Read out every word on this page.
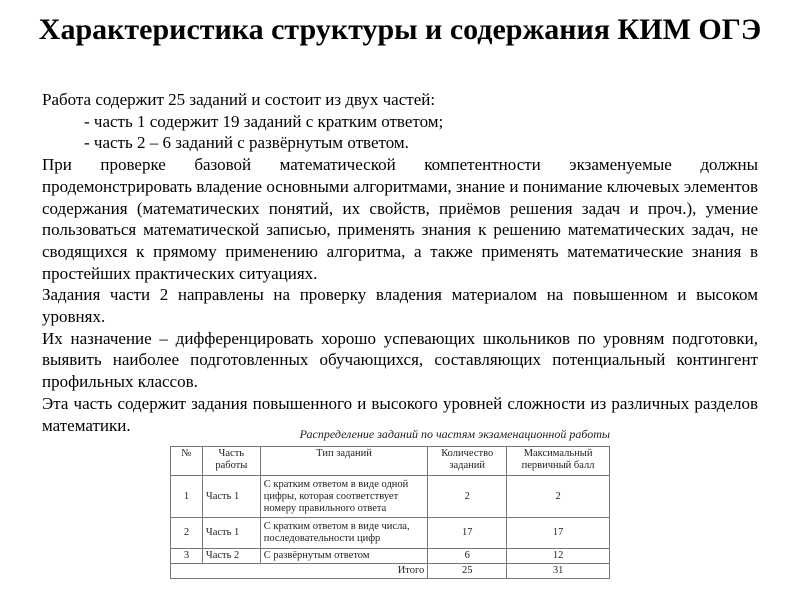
Характеристика структуры и содержания КИМ ОГЭ

Работа содержит 25 заданий и состоит из двух частей:

- часть 1 содержит 19 заданий с кратким ответом;

- часть 2 – 6 заданий с развёрнутым ответом.

При проверке базовой математической компетентности экзаменуемые должны продемонстрировать владение основными алгоритмами, знание и понимание ключевых элементов содержания (математических понятий, их свойств, приёмов решения задач и проч.), умение пользоваться математической записью, применять знания к решению математических задач, не сводящихся к прямому применению алгоритма, а также применять математические знания в простейших практических ситуациях.

Задания части 2 направлены на проверку владения материалом на повышенном и высоком уровнях.

Их назначение – дифференцировать хорошо успевающих школьников по уровням подготовки, выявить наиболее подготовленных обучающихся, составляющих потенциальный контингент профильных классов.

Эта часть содержит задания повышенного и высокого уровней сложности из различных разделов математики.	Распределение заданий по частям экзаменационной работы
№	Часть работы	Тип заданий	Количество заданий	Максимальный первичный балл
1	Часть 1	С кратким ответом в виде одной цифры, которая соответствует номеру правильного ответа	2	2
2	Часть 1	С кратким ответом в виде числа, последовательности цифр	17	17
3	Часть 2	С развёрнутым ответом	6	12
Итого			25	31
